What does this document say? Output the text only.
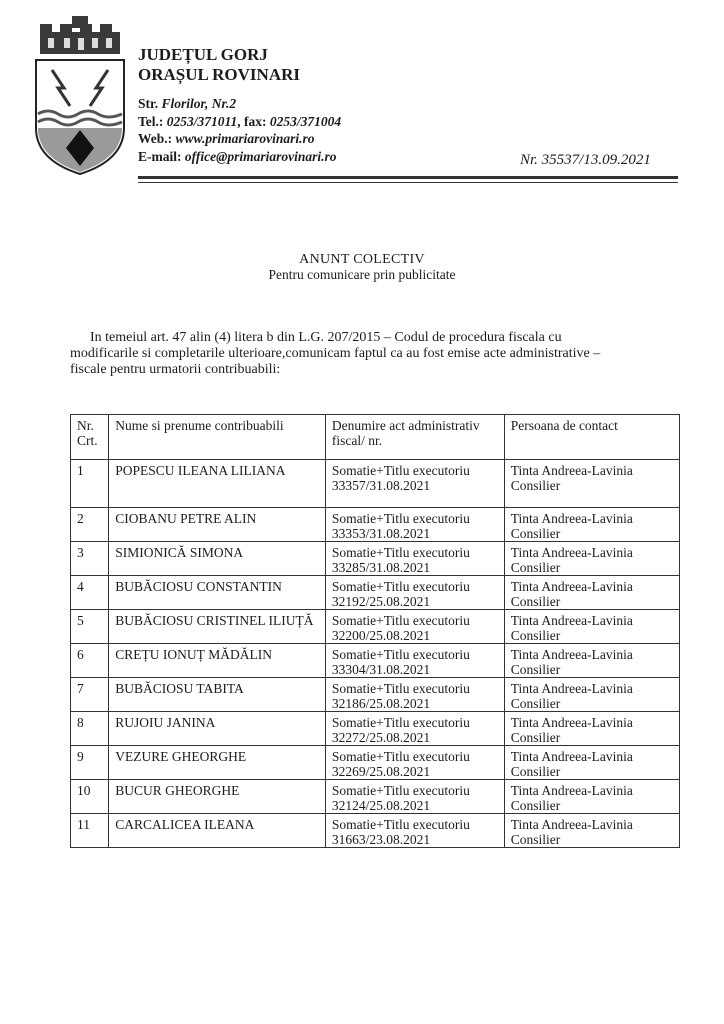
JUDEȚUL GORJ
ORAȘUL ROVINARI
Str. Florilor, Nr.2
Tel.: 0253/371011, fax: 0253/371004
Web.: www.primariarovinari.ro
E-mail: office@primariarovinari.ro	Nr. 35537/13.09.2021
ANUNT COLECTIV
Pentru comunicare prin publicitate
In temeiul art. 47 alin (4) litera b din L.G. 207/2015 – Codul de procedura fiscala cu
modificarile si completarile ulterioare,comunicam faptul ca au fost emise acte administrative –
fiscale pentru urmatorii contribuabili:
Nr.
Crt.	Nume si prenume contribuabili	Denumire act administrativ
fiscal/ nr.	Persoana de contact

1	POPESCU ILEANA LILIANA	Somatie+Titlu executoriu
33357/31.08.2021	Tinta Andreea-Lavinia
Consilier

2	CIOBANU PETRE ALIN	Somatie+Titlu executoriu
33353/31.08.2021	Tinta Andreea-Lavinia
Consilier

3	SIMIONICĂ SIMONA	Somatie+Titlu executoriu
33285/31.08.2021	Tinta Andreea-Lavinia
Consilier

4	BUBĂCIOSU CONSTANTIN	Somatie+Titlu executoriu
32192/25.08.2021	Tinta Andreea-Lavinia
Consilier

5	BUBĂCIOSU CRISTINEL ILIUȚĂ	Somatie+Titlu executoriu
32200/25.08.2021	Tinta Andreea-Lavinia
Consilier

6	CREȚU IONUȚ MĂDĂLIN	Somatie+Titlu executoriu
33304/31.08.2021	Tinta Andreea-Lavinia
Consilier

7	BUBĂCIOSU TABITA	Somatie+Titlu executoriu
32186/25.08.2021	Tinta Andreea-Lavinia
Consilier

8	RUJOIU JANINA	Somatie+Titlu executoriu
32272/25.08.2021	Tinta Andreea-Lavinia
Consilier

9	VEZURE GHEORGHE	Somatie+Titlu executoriu
32269/25.08.2021	Tinta Andreea-Lavinia
Consilier

10	BUCUR GHEORGHE	Somatie+Titlu executoriu
32124/25.08.2021	Tinta Andreea-Lavinia
Consilier

11	CARCALICEA ILEANA	Somatie+Titlu executoriu
31663/23.08.2021	Tinta Andreea-Lavinia
Consilier
